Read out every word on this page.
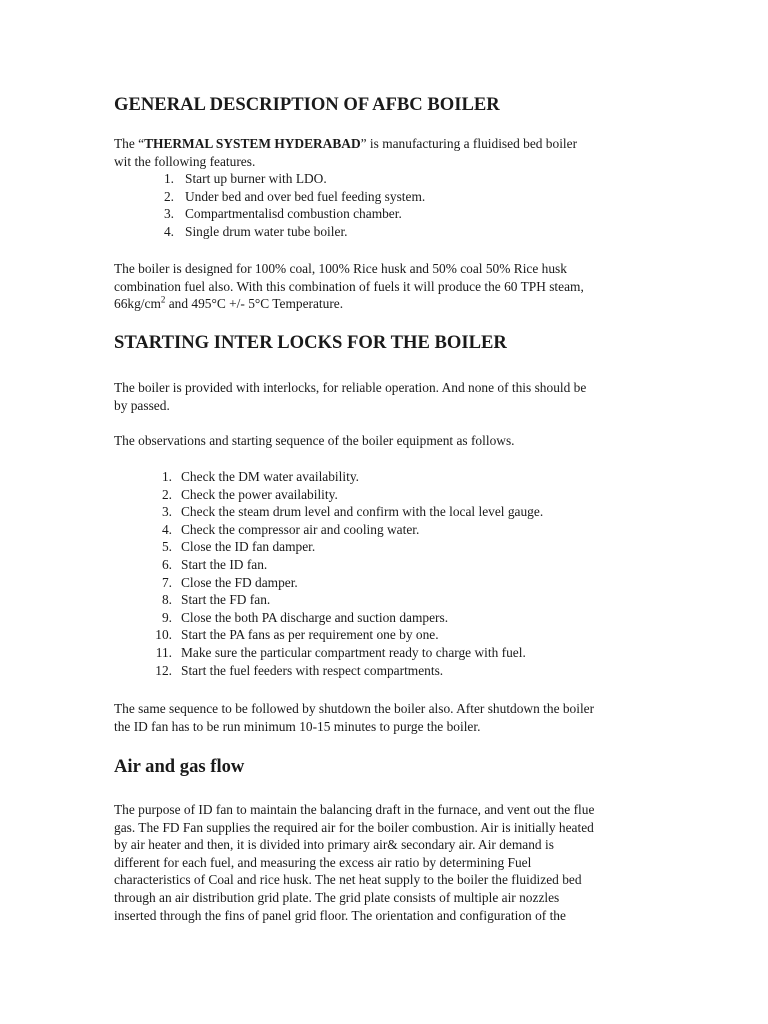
GENERAL DESCRIPTION OF AFBC BOILER
The “THERMAL SYSTEM HYDERABAD” is manufacturing a fluidised bed boiler
wit the following features.
1. Start up burner with LDO.
2. Under bed and over bed fuel feeding system.
3. Compartmentalisd combustion chamber.
4. Single drum water tube boiler.
The boiler is designed for 100% coal, 100% Rice husk and 50% coal 50% Rice husk
combination fuel also. With this combination of fuels it will produce the 60 TPH steam,
$66kg/cm^2$ and 495°C +/- 5°C Temperature.
STARTING INTER LOCKS FOR THE BOILER
The boiler is provided with interlocks, for reliable operation. And none of this should be
by passed.
The observations and starting sequence of the boiler equipment as follows.
1. Check the DM water availability.
2. Check the power availability.
3. Check the steam drum level and confirm with the local level gauge.
4. Check the compressor air and cooling water.
5. Close the ID fan damper.
6. Start the ID fan.
7. Close the FD damper.
8. Start the FD fan.
9. Close the both PA discharge and suction dampers.
10. Start the PA fans as per requirement one by one.
11. Make sure the particular compartment ready to charge with fuel.
12. Start the fuel feeders with respect compartments.
The same sequence to be followed by shutdown the boiler also. After shutdown the boiler
the ID fan has to be run minimum 10-15 minutes to purge the boiler.
Air and gas flow
The purpose of ID fan to maintain the balancing draft in the furnace, and vent out the flue
gas. The FD Fan supplies the required air for the boiler combustion. Air is initially heated
by air heater and then, it is divided into primary air& secondary air. Air demand is
different for each fuel, and measuring the excess air ratio by determining Fuel
characteristics of Coal and rice husk. The net heat supply to the boiler the fluidized bed
through an air distribution grid plate. The grid plate consists of multiple air nozzles
inserted through the fins of panel grid floor. The orientation and configuration of the
